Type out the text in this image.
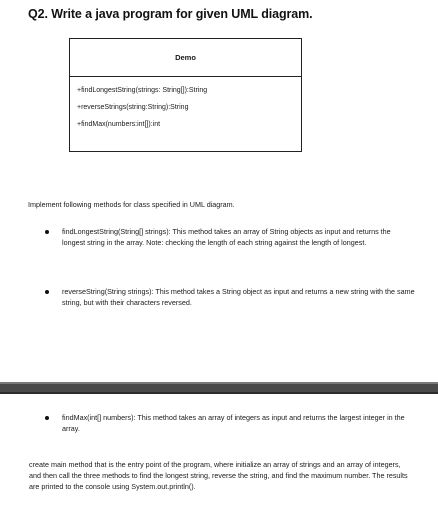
Q2. Write a java program for given UML diagram.
Demo
+findLongestString(strings: String[]):String
+reverseStrings(string:String):String
+findMax(numbers:int[]):int
Implement following methods for class specified in UML diagram.
findLongestString(String[] strings): This method takes an array of String objects as input and returns the longest string in the array. Note: checking the length of each string against the length of longest.
reverseString(String strings): This method takes a String object as input and returns a new string with the same string, but with their characters reversed.
findMax(int[] numbers): This method takes an array of integers as input and returns the largest integer in the array.
create main method that is the entry point of the program, where initialize an array of strings and an array of integers, and then call the three methods to find the longest string, reverse the string, and find the maximum number. The results are printed to the console using System.out.println().
